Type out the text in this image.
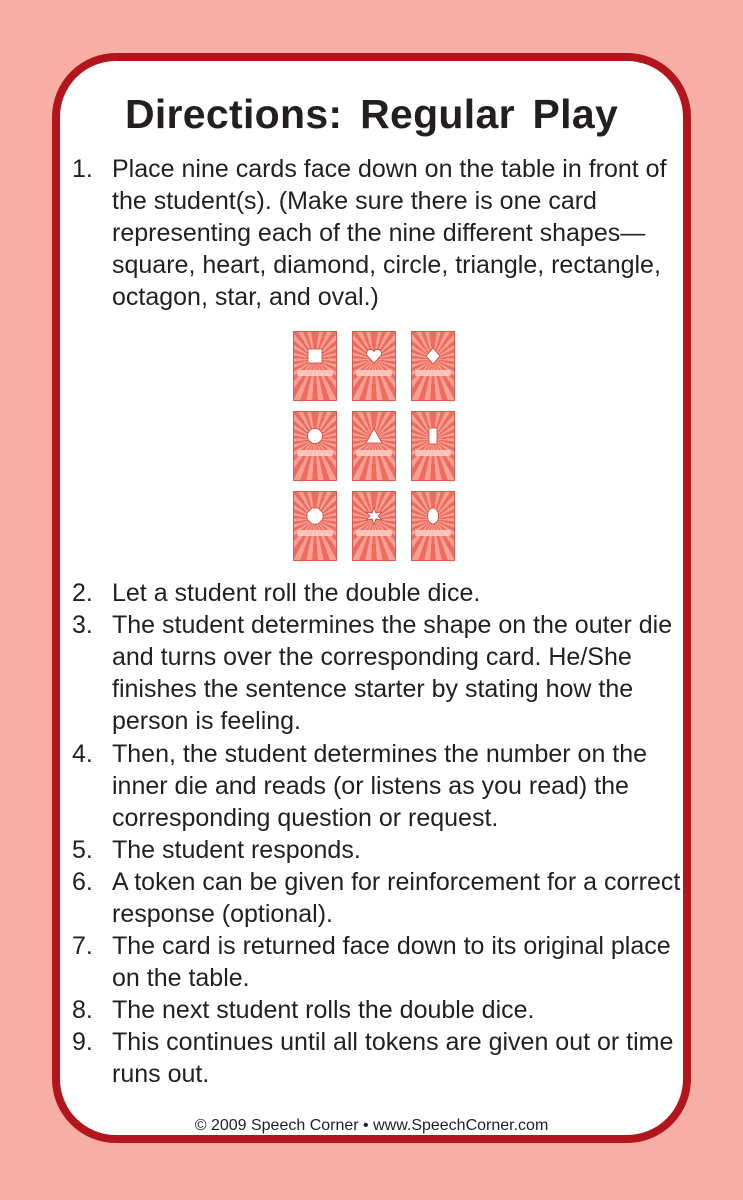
Directions: Regular Play
1. Place nine cards face down on the table in front of the student(s). (Make sure there is one card representing each of the nine different shapes—square, heart, diamond, circle, triangle, rectangle, octagon, star, and oval.)
2. Let a student roll the double dice.
3. The student determines the shape on the outer die and turns over the corresponding card. He/She finishes the sentence starter by stating how the person is feeling.
4. Then, the student determines the number on the inner die and reads (or listens as you read) the corresponding question or request.
5. The student responds.
6. A token can be given for reinforcement for a correct response (optional).
7. The card is returned face down to its original place on the table.
8. The next student rolls the double dice.
9. This continues until all tokens are given out or time runs out.
© 2009 Speech Corner • www.SpeechCorner.com
